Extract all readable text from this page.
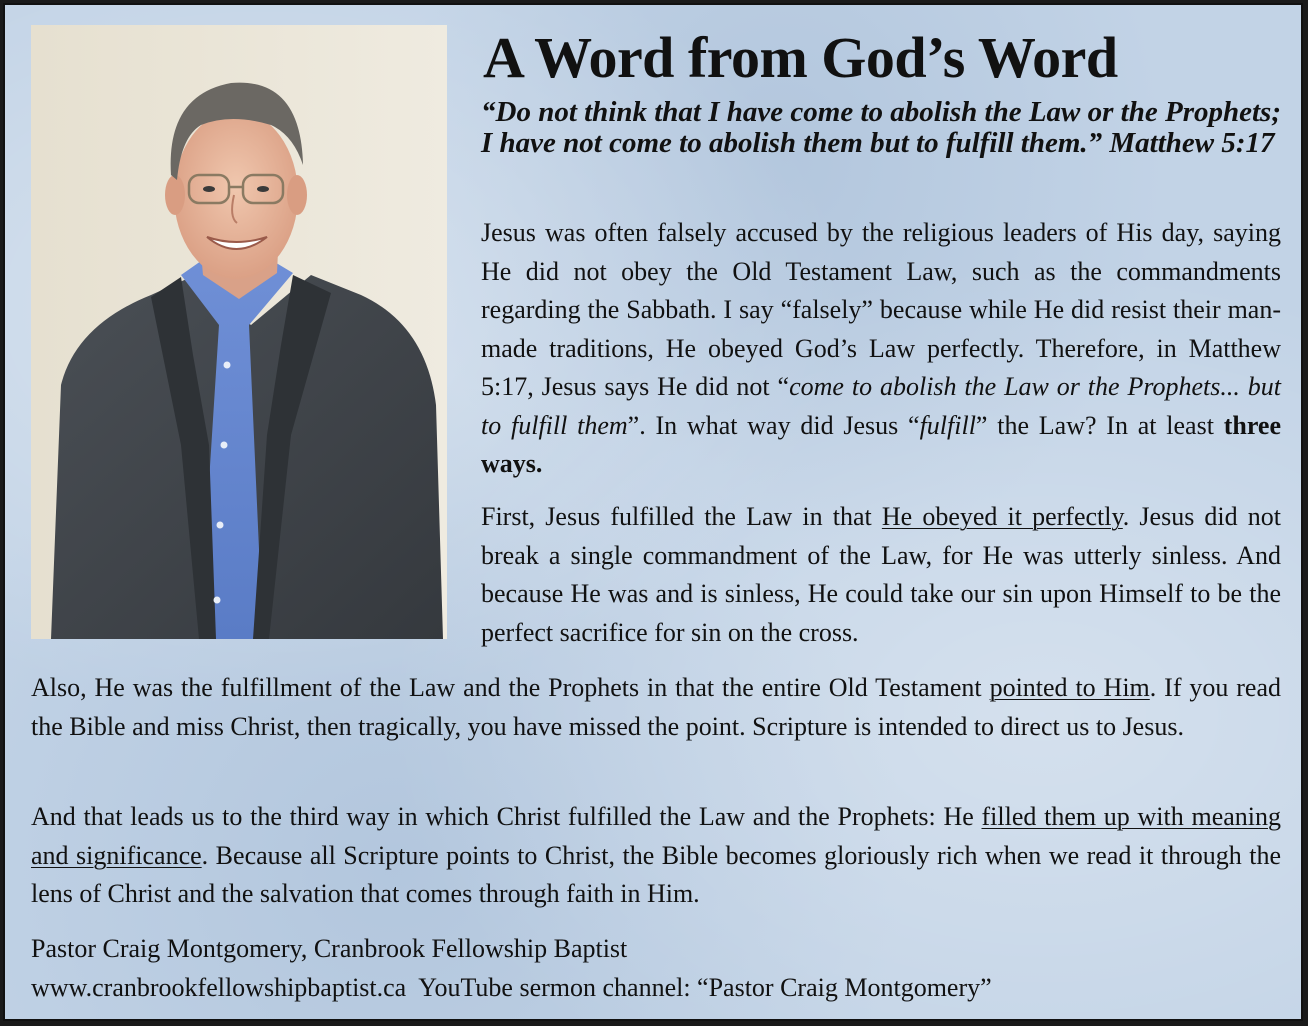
A Word from God’s Word

“Do not think that I have come to abolish the Law or the Prophets; I have not come to abolish them but to fulfill them.” Matthew 5:17

Jesus was often falsely accused by the religious leaders of His day, saying He did not obey the Old Testament Law, such as the commandments regarding the Sabbath. I say “falsely” because while He did resist their man-made traditions, He obeyed God’s Law perfectly. Therefore, in Matthew 5:17, Jesus says He did not “come to abolish the Law or the Prophets... but to fulfill them”. In what way did Jesus “fulfill” the Law? In at least three ways.

First, Jesus fulfilled the Law in that He obeyed it perfectly. Jesus did not break a single commandment of the Law, for He was utterly sinless. And because He was and is sinless, He could take our sin upon Himself to be the perfect sacrifice for sin on the cross.

Also, He was the fulfillment of the Law and the Prophets in that the entire Old Testament pointed to Him. If you read the Bible and miss Christ, then tragically, you have missed the point. Scripture is intended to direct us to Jesus.

And that leads us to the third way in which Christ fulfilled the Law and the Prophets: He filled them up with meaning and significance. Because all Scripture points to Christ, the Bible becomes gloriously rich when we read it through the lens of Christ and the salvation that comes through faith in Him.

Pastor Craig Montgomery, Cranbrook Fellowship Baptist
www.cranbrookfellowshipbaptist.ca YouTube sermon channel: “Pastor Craig Montgomery”
